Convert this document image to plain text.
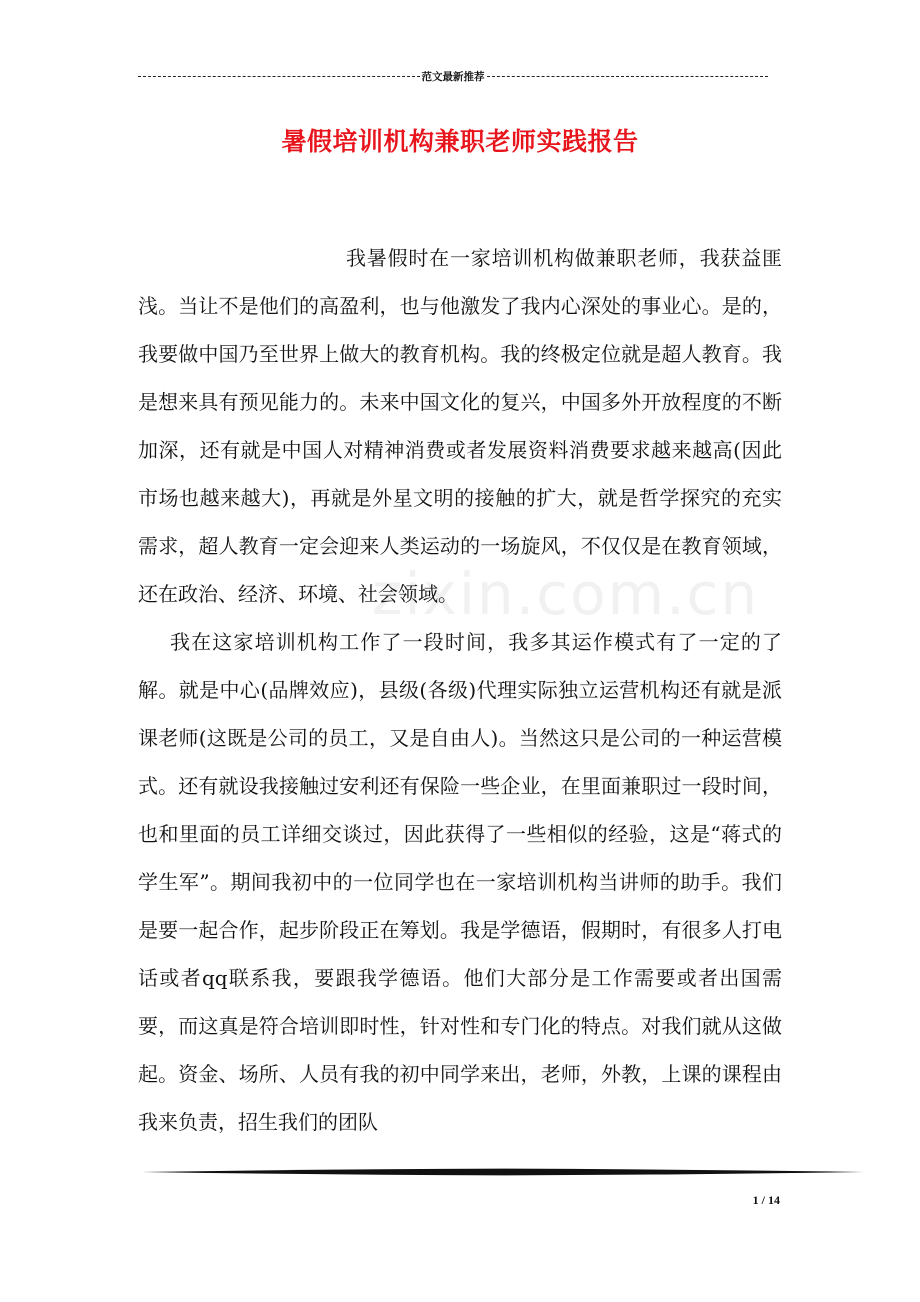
范文最新推荐
暑假培训机构兼职老师实践报告
zixin.com.cn

我暑假时在一家培训机构做兼职老师，我获益匪浅。当让不是他们的高盈利，也与他激发了我内心深处的事业心。是的，我要做中国乃至世界上做大的教育机构。我的终极定位就是超人教育。我是想来具有预见能力的。未来中国文化的复兴，中国多外开放程度的不断加深，还有就是中国人对精神消费或者发展资料消费要求越来越高(因此市场也越来越大)，再就是外星文明的接触的扩大，就是哲学探究的充实需求，超人教育一定会迎来人类运动的一场旋风，不仅仅是在教育领域，还在政治、经济、环境、社会领域。

我在这家培训机构工作了一段时间，我多其运作模式有了一定的了解。就是中心(品牌效应)，县级(各级)代理实际独立运营机构还有就是派课老师(这既是公司的员工，又是自由人)。当然这只是公司的一种运营模式。还有就设我接触过安利还有保险一些企业，在里面兼职过一段时间，也和里面的员工详细交谈过，因此获得了一些相似的经验，这是“蒋式的学生军”。期间我初中的一位同学也在一家培训机构当讲师的助手。我们是要一起合作，起步阶段正在筹划。我是学德语，假期时，有很多人打电话或者qq联系我，要跟我学德语。他们大部分是工作需要或者出国需要，而这真是符合培训即时性，针对性和专门化的特点。对我们就从这做起。资金、场所、人员有我的初中同学来出，老师，外教，上课的课程由我来负责，招生我们的团队

1 / 14
